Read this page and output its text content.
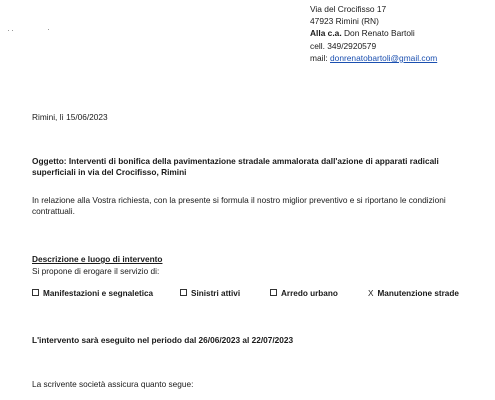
Via del Crocifisso 17
47923 Rimini (RN)
Alla c.a. Don Renato Bartoli
cell. 349/2920579
mail: donrenatobartoli@gmail.com
Rimini, lì 15/06/2023
Oggetto: Interventi di bonifica della pavimentazione stradale ammalorata dall'azione di apparati radicali superficiali in via del Crocifisso, Rimini
In relazione alla Vostra richiesta, con la presente si formula il nostro miglior preventivo e si riportano le condizioni contrattuali.
Descrizione e luogo di intervento
Si propone di erogare il servizio di:
Manifestazioni e segnaletica	Sinistri attivi	Arredo urbano	X Manutenzione strade
L'intervento sarà eseguito nel periodo dal 26/06/2023 al 22/07/2023
La scrivente società assicura quanto segue:
